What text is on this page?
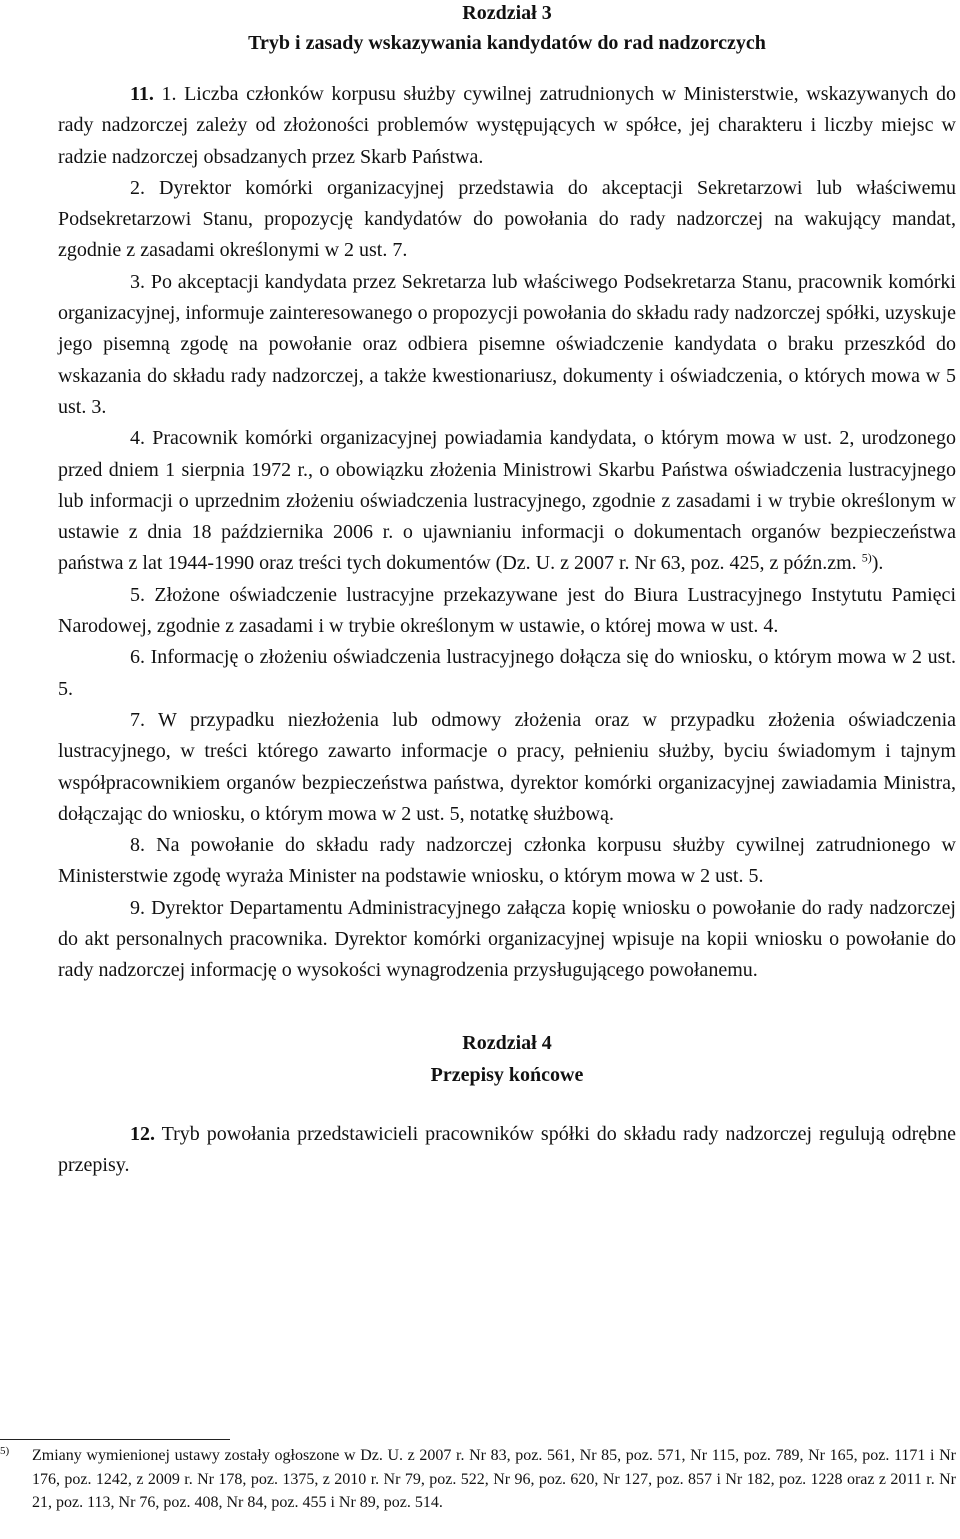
Rozdział 3

Tryb i zasady wskazywania kandydatów do rad nadzorczych

11. 1. Liczba członków korpusu służby cywilnej zatrudnionych w Ministerstwie, wskazywanych do rady nadzorczej zależy od złożoności problemów występujących w spółce, jej charakteru i liczby miejsc w radzie nadzorczej obsadzanych przez Skarb Państwa.

2. Dyrektor komórki organizacyjnej przedstawia do akceptacji Sekretarzowi lub właściwemu Podsekretarzowi Stanu, propozycję kandydatów do powołania do rady nadzorczej na wakujący mandat, zgodnie z zasadami określonymi w 2 ust. 7.

3. Po akceptacji kandydata przez Sekretarza lub właściwego Podsekretarza Stanu, pracownik komórki organizacyjnej, informuje zainteresowanego o propozycji powołania do składu rady nadzorczej spółki, uzyskuje jego pisemną zgodę na powołanie oraz odbiera pisemne oświadczenie kandydata o braku przeszkód do wskazania do składu rady nadzorczej, a także kwestionariusz, dokumenty i oświadczenia, o których mowa w 5 ust. 3.

4. Pracownik komórki organizacyjnej powiadamia kandydata, o którym mowa w ust. 2, urodzonego przed dniem 1 sierpnia 1972 r., o obowiązku złożenia Ministrowi Skarbu Państwa oświadczenia lustracyjnego lub informacji o uprzednim złożeniu oświadczenia lustracyjnego, zgodnie z zasadami i w trybie określonym w ustawie z dnia 18 października 2006 r. o ujawnianiu informacji o dokumentach organów bezpieczeństwa państwa z lat 1944-1990 oraz treści tych dokumentów (Dz. U. z 2007 r. Nr 63, poz. 425, z późn.zm. $^{5)}$).

5. Złożone oświadczenie lustracyjne przekazywane jest do Biura Lustracyjnego Instytutu Pamięci Narodowej, zgodnie z zasadami i w trybie określonym w ustawie, o której mowa w ust. 4.

6. Informację o złożeniu oświadczenia lustracyjnego dołącza się do wniosku, o którym mowa w 2 ust. 5.

7. W przypadku niezłożenia lub odmowy złożenia oraz w przypadku złożenia oświadczenia lustracyjnego, w treści którego zawarto informacje o pracy, pełnieniu służby, byciu świadomym i tajnym współpracownikiem organów bezpieczeństwa państwa, dyrektor komórki organizacyjnej zawiadamia Ministra, dołączając do wniosku, o którym mowa w 2 ust. 5, notatkę służbową.

8. Na powołanie do składu rady nadzorczej członka korpusu służby cywilnej zatrudnionego w Ministerstwie zgodę wyraża Minister na podstawie wniosku, o którym mowa w 2 ust. 5.

9. Dyrektor Departamentu Administracyjnego załącza kopię wniosku o powołanie do rady nadzorczej do akt personalnych pracownika. Dyrektor komórki organizacyjnej wpisuje na kopii wniosku o powołanie do rady nadzorczej informację o wysokości wynagrodzenia przysługującego powołanemu.

Rozdział 4

Przepisy końcowe

12. Tryb powołania przedstawicieli pracowników spółki do składu rady nadzorczej regulują odrębne przepisy.

5) Zmiany wymienionej ustawy zostały ogłoszone w Dz. U. z 2007 r. Nr 83, poz. 561, Nr 85, poz. 571, Nr 115, poz. 789, Nr 165, poz. 1171 i Nr 176, poz. 1242, z 2009 r. Nr 178, poz. 1375, z 2010 r. Nr 79, poz. 522, Nr 96, poz. 620, Nr 127, poz. 857 i Nr 182, poz. 1228 oraz z 2011 r. Nr 21, poz. 113, Nr 76, poz. 408, Nr 84, poz. 455 i Nr 89, poz. 514.
